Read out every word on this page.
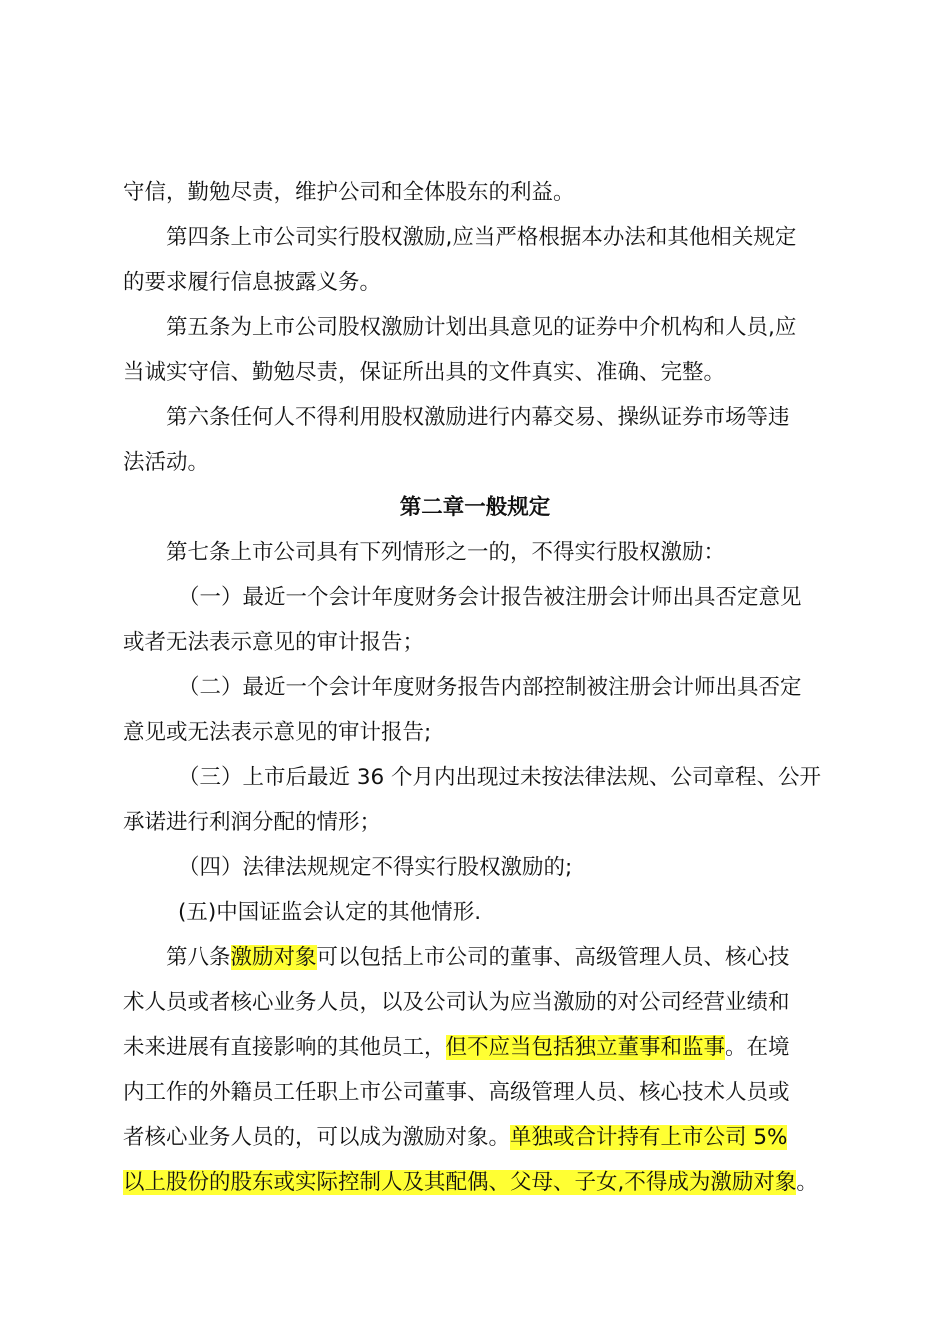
守信，勤勉尽责，维护公司和全体股东的利益。
第四条上市公司实行股权激励,应当严格根据本办法和其他相关规定
的要求履行信息披露义务。
第五条为上市公司股权激励计划出具意见的证券中介机构和人员,应
当诚实守信、勤勉尽责，保证所出具的文件真实、准确、完整。
第六条任何人不得利用股权激励进行内幕交易、操纵证券市场等违
法活动。
第二章一般规定
第七条上市公司具有下列情形之一的，不得实行股权激励：
（一）最近一个会计年度财务会计报告被注册会计师出具否定意见
或者无法表示意见的审计报告；
（二）最近一个会计年度财务报告内部控制被注册会计师出具否定
意见或无法表示意见的审计报告;
（三）上市后最近 36 个月内出现过未按法律法规、公司章程、公开
承诺进行利润分配的情形；
（四）法律法规规定不得实行股权激励的;
(五)中国证监会认定的其他情形.
第八条激励对象可以包括上市公司的董事、高级管理人员、核心技
术人员或者核心业务人员，以及公司认为应当激励的对公司经营业绩和
未来进展有直接影响的其他员工，但不应当包括独立董事和监事。在境
内工作的外籍员工任职上市公司董事、高级管理人员、核心技术人员或
者核心业务人员的，可以成为激励对象。单独或合计持有上市公司 5%
以上股份的股东或实际控制人及其配偶、父母、子女,不得成为激励对象。
